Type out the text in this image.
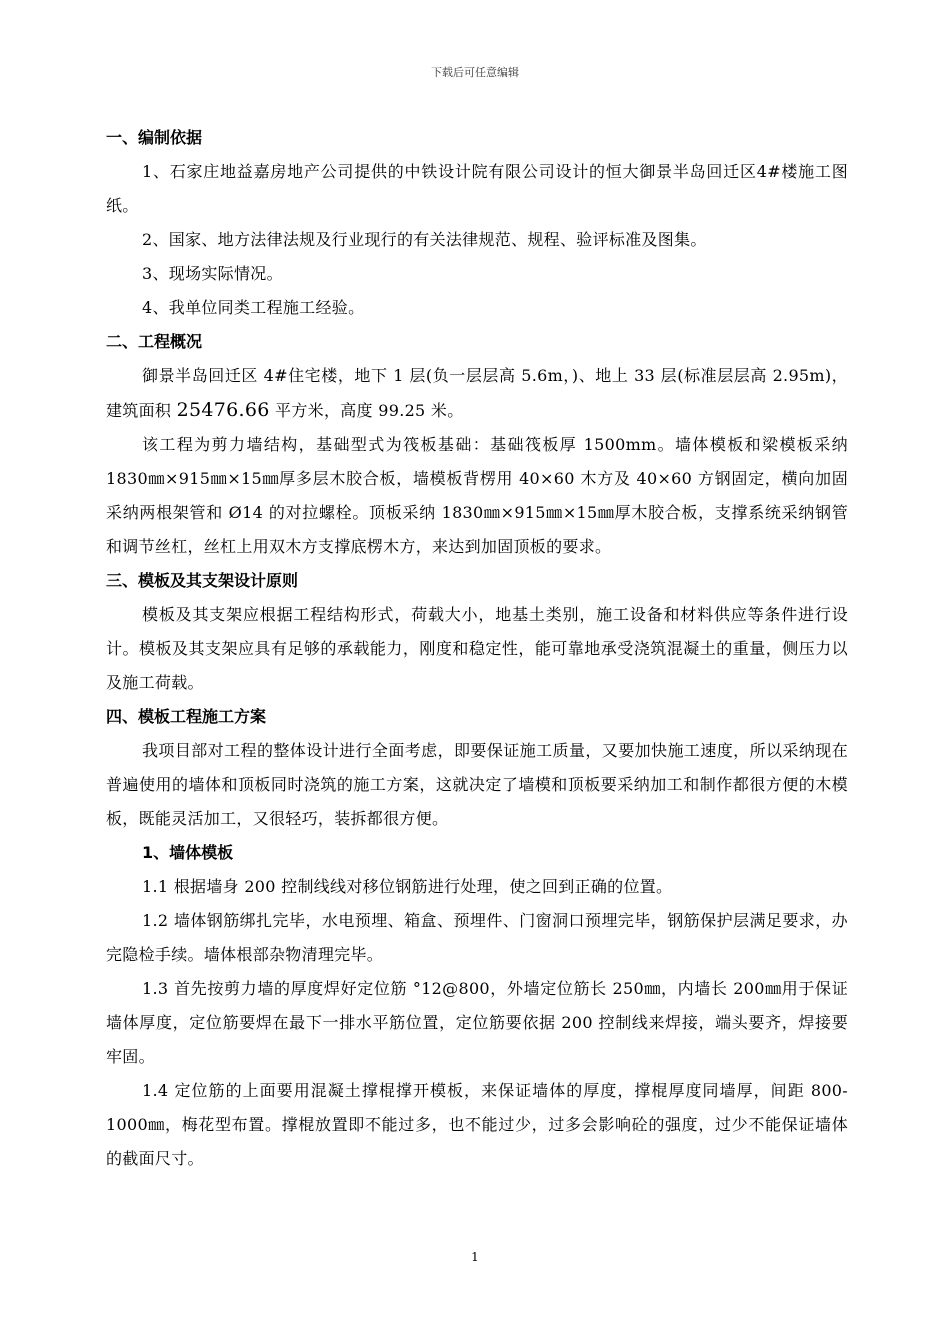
下载后可任意编辑
一、编制依据
1、石家庄地益嘉房地产公司提供的中铁设计院有限公司设计的恒大御景半岛回迁区4#楼施工图纸。
2、国家、地方法律法规及行业现行的有关法律规范、规程、验评标准及图集。
3、现场实际情况。
4、我单位同类工程施工经验。
二、工程概况
御景半岛回迁区 4#住宅楼，地下 1 层(负一层层高 5.6m，)、地上 33 层(标准层层高 2.95m)，建筑面积 25476.66 平方米，高度 99.25 米。
该工程为剪力墙结构，基础型式为筏板基础：基础筏板厚 1500mm。墙体模板和梁模板采纳 1830㎜×915㎜×15㎜厚多层木胶合板，墙模板背楞用 40×60 木方及 40×60 方钢固定，横向加固采纳两根架管和 Ø14 的对拉螺栓。顶板采纳 1830㎜×915㎜×15㎜厚木胶合板，支撑系统采纳钢管和调节丝杠，丝杠上用双木方支撑底楞木方，来达到加固顶板的要求。
三、模板及其支架设计原则
模板及其支架应根据工程结构形式，荷载大小，地基土类别，施工设备和材料供应等条件进行设计。模板及其支架应具有足够的承载能力，刚度和稳定性，能可靠地承受浇筑混凝土的重量，侧压力以及施工荷载。
四、模板工程施工方案
我项目部对工程的整体设计进行全面考虑，即要保证施工质量，又要加快施工速度，所以采纳现在普遍使用的墙体和顶板同时浇筑的施工方案，这就决定了墙模和顶板要采纳加工和制作都很方便的木模板，既能灵活加工，又很轻巧，装拆都很方便。
1、墙体模板
1.1 根据墙身 200 控制线线对移位钢筋进行处理，使之回到正确的位置。
1.2 墙体钢筋绑扎完毕，水电预埋、箱盒、预埋件、门窗洞口预埋完毕，钢筋保护层满足要求，办完隐检手续。墙体根部杂物清理完毕。
1.3 首先按剪力墙的厚度焊好定位筋 °12@800，外墙定位筋长 250㎜，内墙长 200㎜用于保证墙体厚度，定位筋要焊在最下一排水平筋位置，定位筋要依据 200 控制线来焊接，端头要齐，焊接要牢固。
1.4 定位筋的上面要用混凝土撑棍撑开模板，来保证墙体的厚度，撑棍厚度同墙厚，间距 800-1000㎜，梅花型布置。撑棍放置即不能过多，也不能过少，过多会影响砼的强度，过少不能保证墙体的截面尺寸。
1
